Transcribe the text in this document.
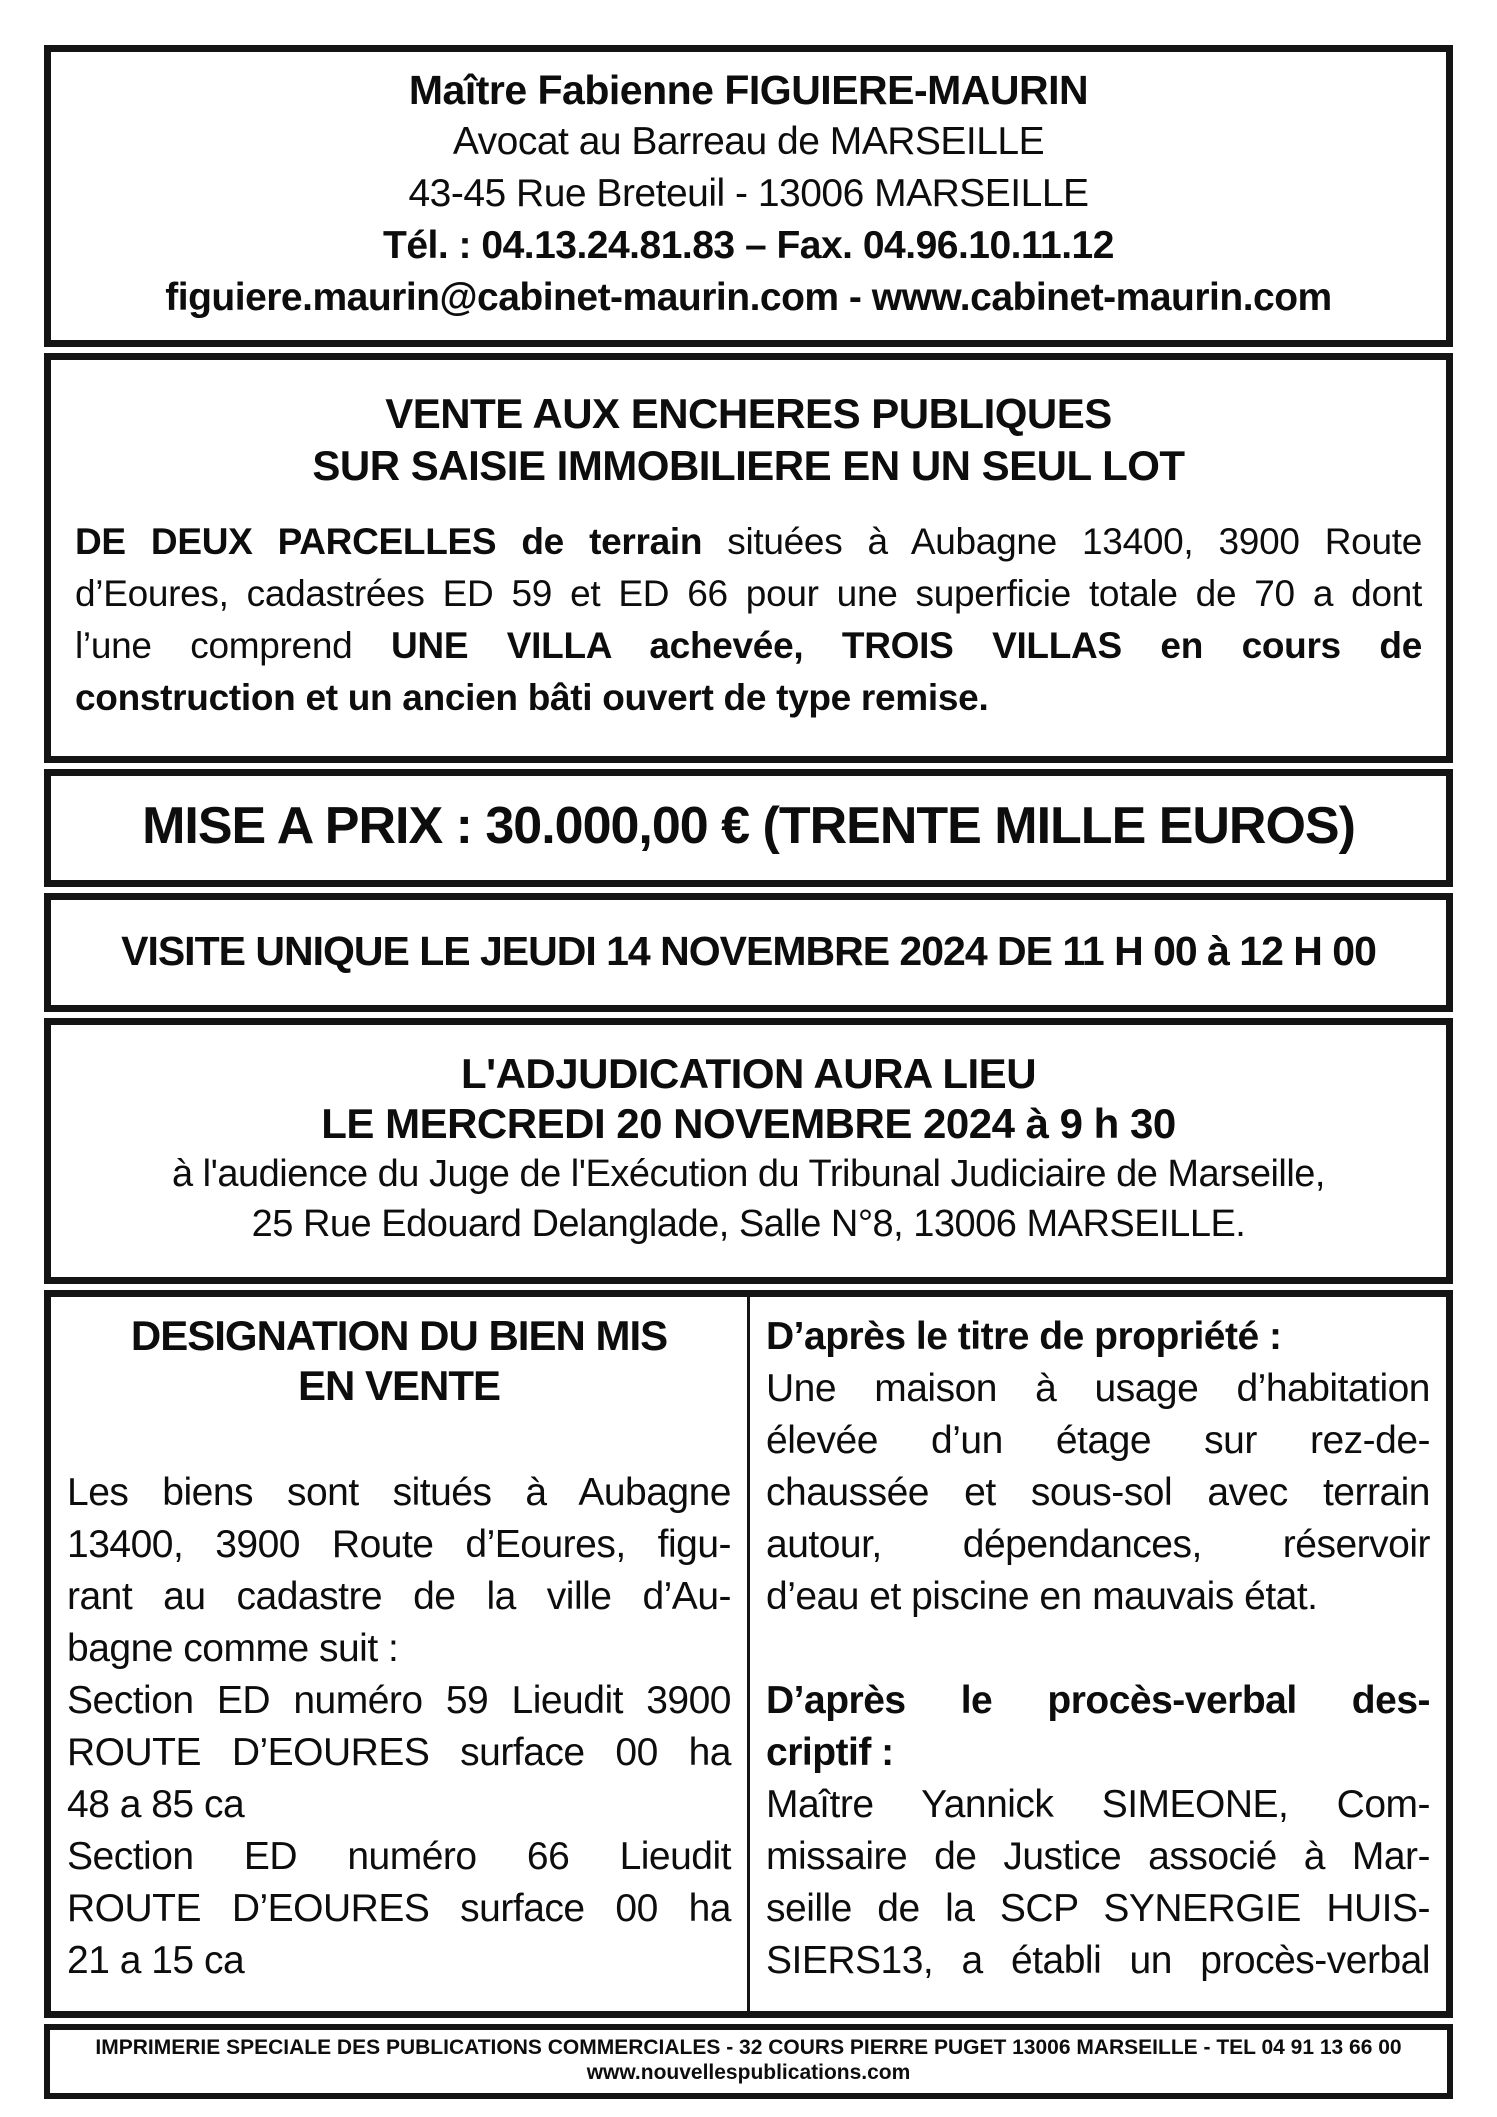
Maître Fabienne FIGUIERE-MAURIN
Avocat au Barreau de MARSEILLE
43-45 Rue Breteuil - 13006 MARSEILLE
Tél. : 04.13.24.81.83 – Fax. 04.96.10.11.12
figuiere.maurin@cabinet-maurin.com - www.cabinet-maurin.com
VENTE AUX ENCHERES PUBLIQUES
SUR SAISIE IMMOBILIERE EN UN SEUL LOT
DE DEUX PARCELLES de terrain situées à Aubagne 13400, 3900 Route
d’Eoures, cadastrées ED 59 et ED 66 pour une superficie totale de 70 a dont
l’une comprend UNE VILLA achevée, TROIS VILLAS en cours de
construction et un ancien bâti ouvert de type remise.
MISE A PRIX : 30.000,00 € (TRENTE MILLE EUROS)
VISITE UNIQUE LE JEUDI 14 NOVEMBRE 2024 DE 11 H 00 à 12 H 00
L'ADJUDICATION AURA LIEU
LE MERCREDI 20 NOVEMBRE 2024 à 9 h 30
à l'audience du Juge de l'Exécution du Tribunal Judiciaire de Marseille,
25 Rue Edouard Delanglade, Salle N°8, 13006 MARSEILLE.
DESIGNATION DU BIEN MIS
EN VENTE
Les biens sont situés à Aubagne
13400, 3900 Route d’Eoures, figu-
rant au cadastre de la ville d’Au-
bagne comme suit :
Section ED numéro 59 Lieudit 3900
ROUTE D’EOURES surface 00 ha
48 a 85 ca
Section ED numéro 66 Lieudit
ROUTE D’EOURES surface 00 ha
21 a 15 ca
D’après le titre de propriété :
Une maison à usage d’habitation
élevée d’un étage sur rez-de-
chaussée et sous-sol avec terrain
autour, dépendances, réservoir
d’eau et piscine en mauvais état.

D’après le procès-verbal des-
criptif :
Maître Yannick SIMEONE, Com-
missaire de Justice associé à Mar-
seille de la SCP SYNERGIE HUIS-
SIERS13, a établi un procès-verbal
IMPRIMERIE SPECIALE DES PUBLICATIONS COMMERCIALES - 32 COURS PIERRE PUGET 13006 MARSEILLE - TEL 04 91 13 66 00
www.nouvellespublications.com
